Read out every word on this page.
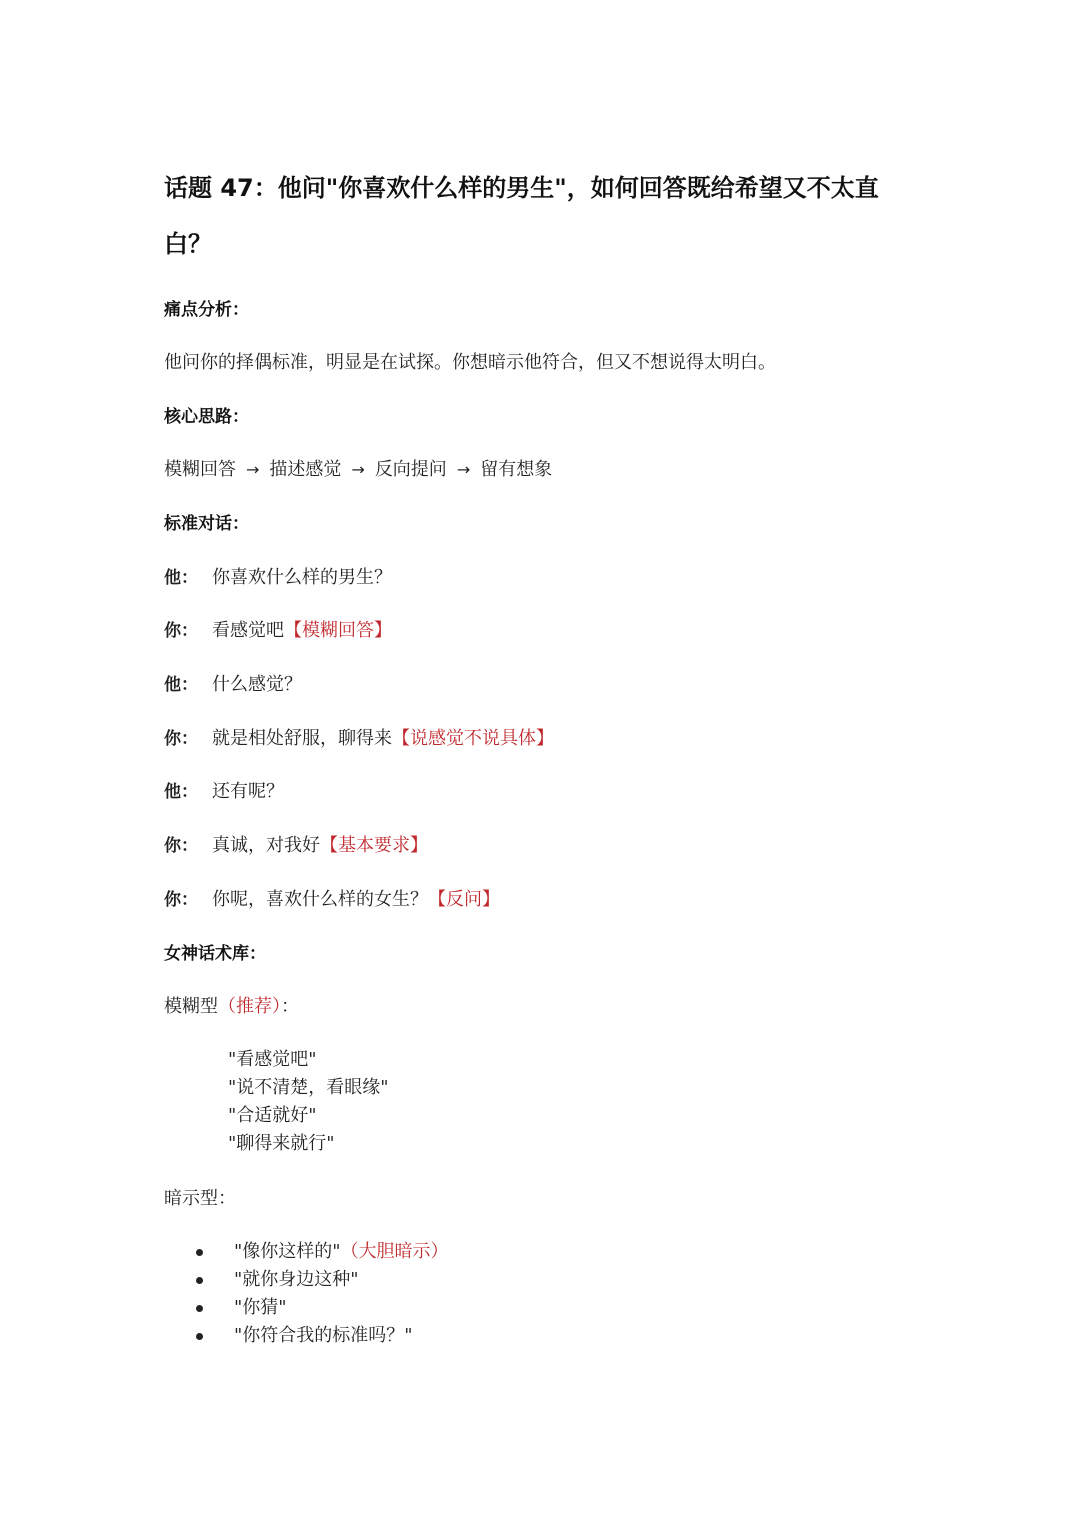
话题 47：他问"你喜欢什么样的男生"，如何回答既给希望又不太直白？
痛点分析：
他问你的择偶标准，明显是在试探。你想暗示他符合，但又不想说得太明白。
核心思路：
模糊回答 → 描述感觉 → 反向提问 → 留有想象
标准对话：
他： 你喜欢什么样的男生？
你： 看感觉吧【模糊回答】
他： 什么感觉？
你： 就是相处舒服，聊得来【说感觉不说具体】
他： 还有呢？
你： 真诚，对我好【基本要求】
你： 你呢，喜欢什么样的女生？【反问】
女神话术库：
模糊型（推荐）：
"看感觉吧"
"说不清楚，看眼缘"
"合适就好"
"聊得来就行"
暗示型：
"像你这样的" （大胆暗示）
"就你身边这种"
"你猜"
"你符合我的标准吗？"
